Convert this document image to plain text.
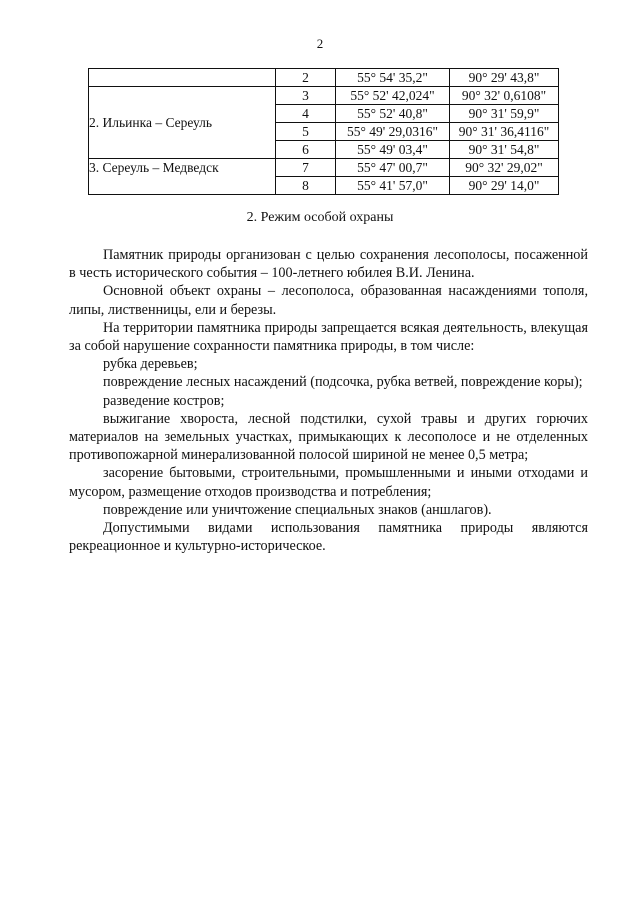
2
	2	55° 54' 35,2"	90° 29' 43,8"
2. Ильинка – Сереуль	3	55° 52' 42,024"	90° 32' 0,6108"
	4	55° 52' 40,8"	90° 31' 59,9"
	5	55° 49' 29,0316"	90° 31' 36,4116"
	6	55° 49' 03,4"	90° 31' 54,8"
3. Сереуль – Медведск	7	55° 47' 00,7"	90° 32' 29,02"
	8	55° 41' 57,0"	90° 29' 14,0"
2. Режим особой охраны

Памятник природы организован с целью сохранения лесополосы, посаженной в честь исторического события – 100-летнего юбилея В.И. Ленина.

Основной объект охраны – лесополоса, образованная насаждениями тополя, липы, лиственницы, ели и березы.

На территории памятника природы запрещается всякая деятельность, влекущая за собой нарушение сохранности памятника природы, в том числе:

рубка деревьев;

повреждение лесных насаждений (подсочка, рубка ветвей, повреждение коры);

разведение костров;

выжигание хвороста, лесной подстилки, сухой травы и других горючих материалов на земельных участках, примыкающих к лесополосе и не отделенных противопожарной минерализованной полосой шириной не менее 0,5 метра;

засорение бытовыми, строительными, промышленными и иными отходами и мусором, размещение отходов производства и потребления;

повреждение или уничтожение специальных знаков (аншлагов).

Допустимыми видами использования памятника природы являются рекреационное и культурно-историческое.
